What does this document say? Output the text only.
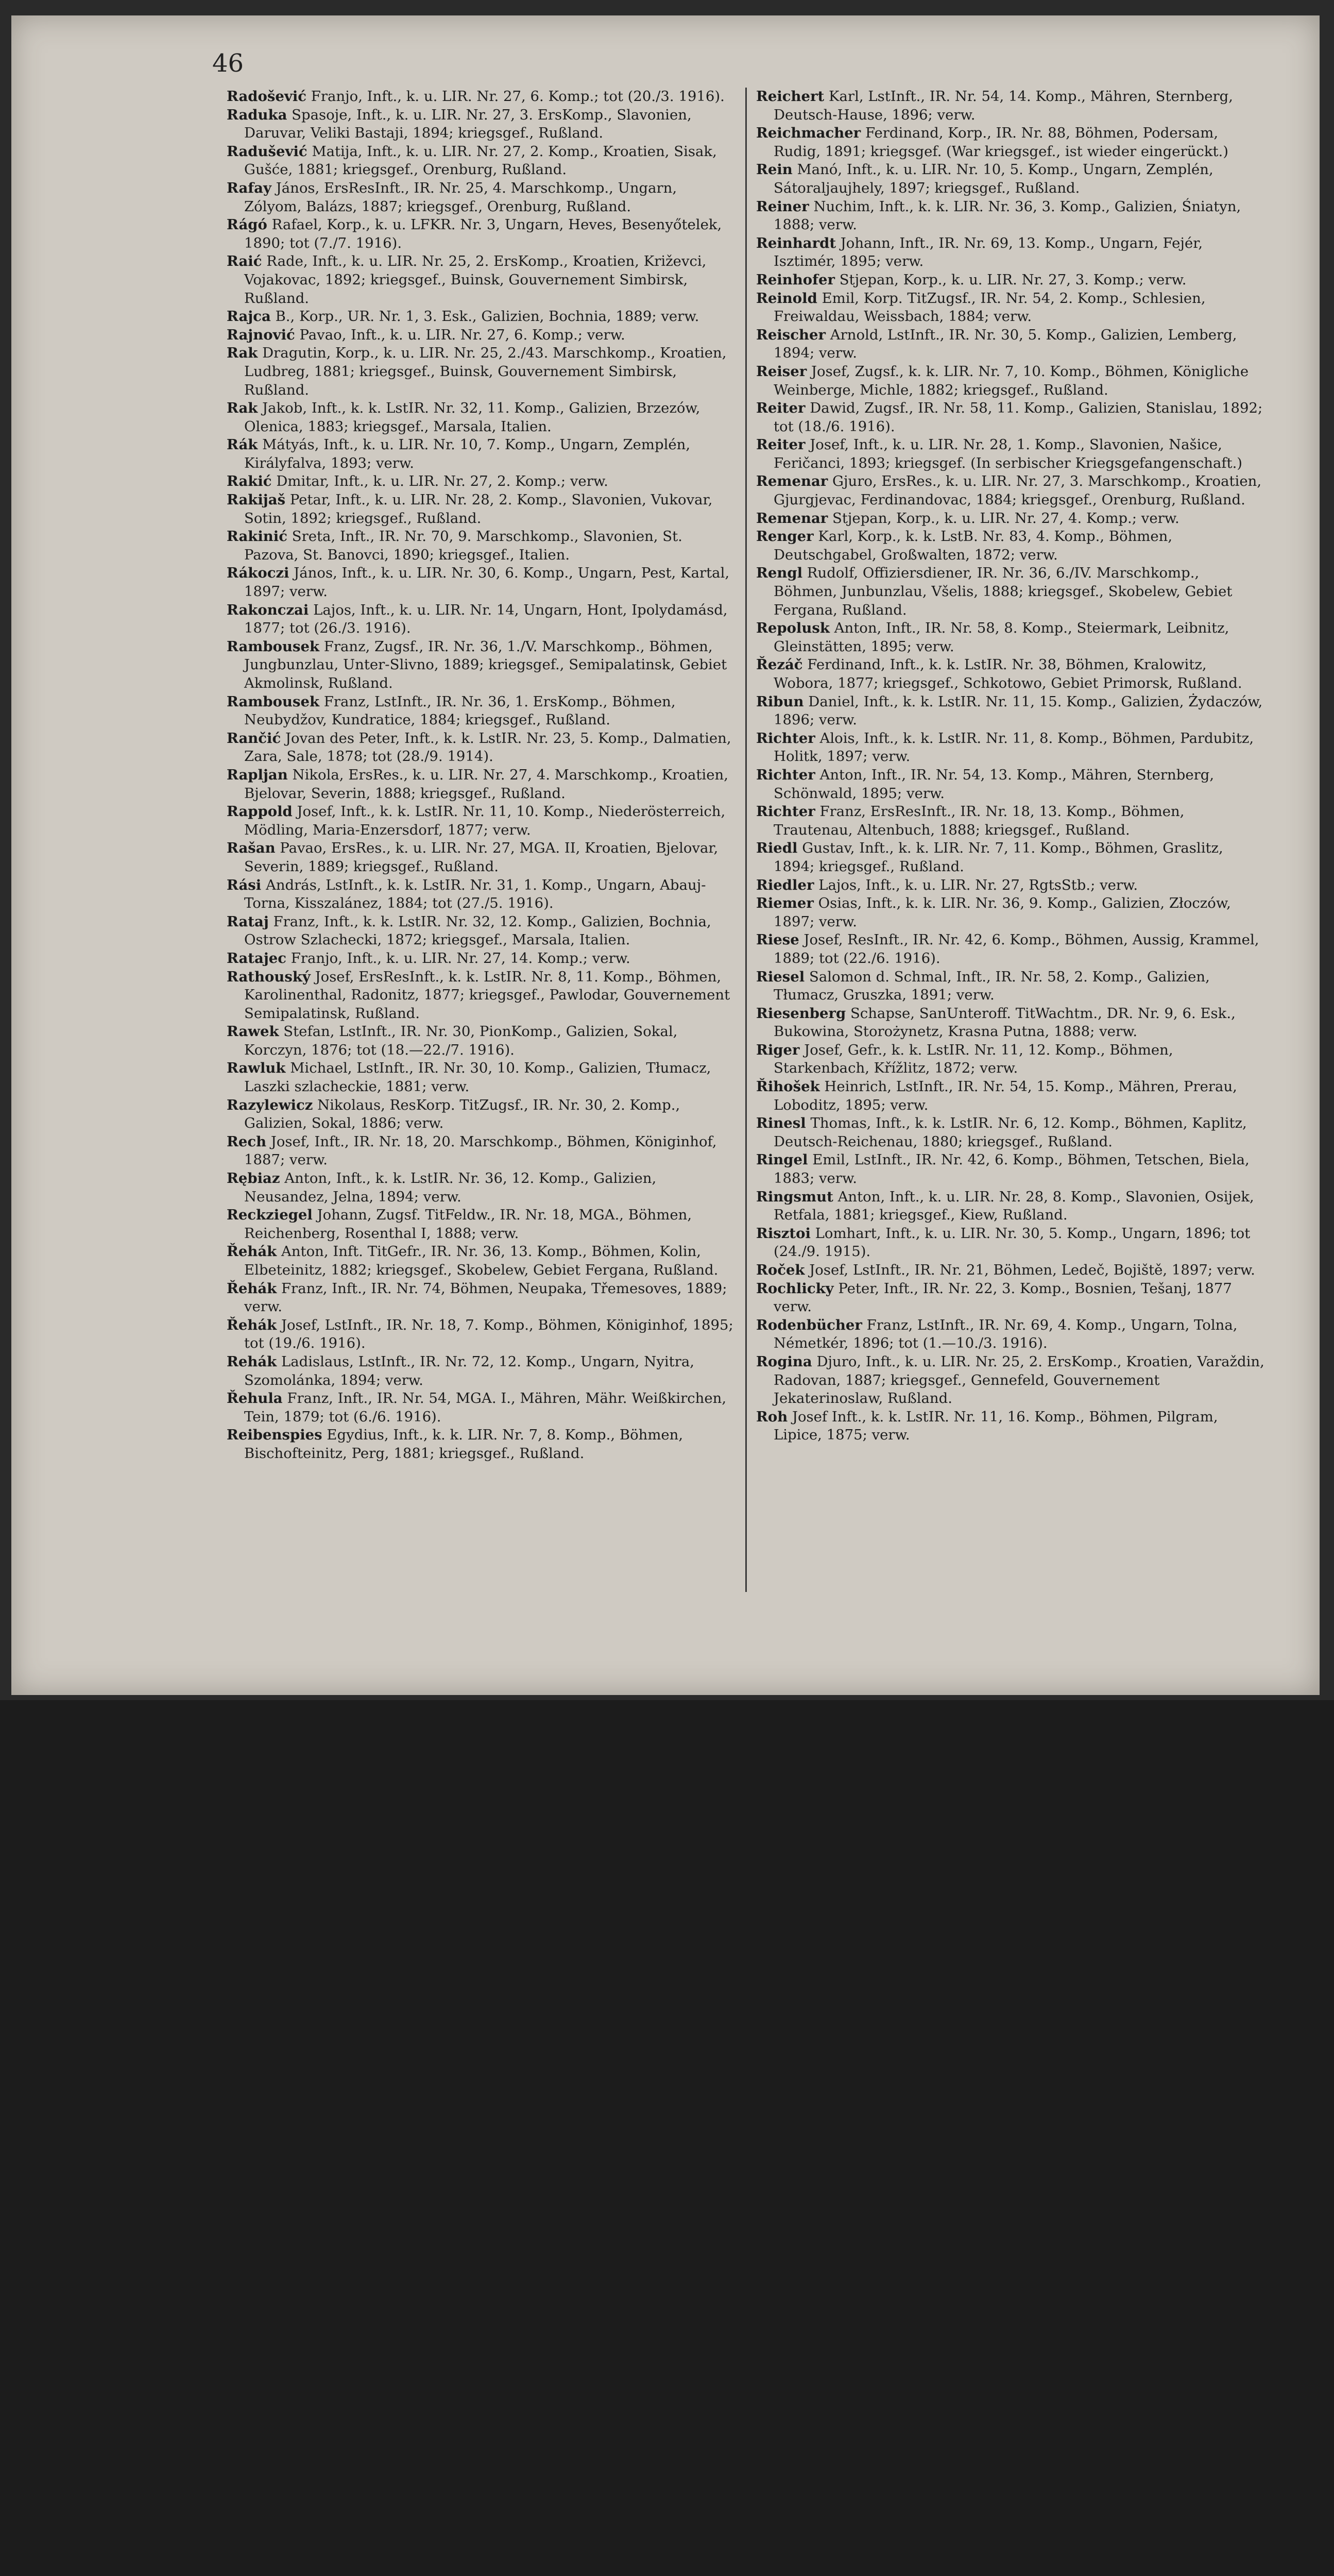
46
Radošević Franjo, Inft., k. u. LIR. Nr. 27, 6. Komp.; tot (20./3. 1916).
Raduka Spasoje, Inft., k. u. LIR. Nr. 27, 3. ErsKomp., Slavonien, Daruvar, Veliki Bastaji, 1894; kriegsgef., Rußland.
Radušević Matija, Inft., k. u. LIR. Nr. 27, 2. Komp., Kroatien, Sisak, Gušće, 1881; kriegsgef., Orenburg, Rußland.
Rafay János, ErsResInft., IR. Nr. 25, 4. Marschkomp., Ungarn, Zólyom, Balázs, 1887; kriegsgef., Orenburg, Rußland.
Rágó Rafael, Korp., k. u. LFKR. Nr. 3, Ungarn, Heves, Besenyőtelek, 1890; tot (7./7. 1916).
Raić Rade, Inft., k. u. LIR. Nr. 25, 2. ErsKomp., Kroatien, Križevci, Vojakovac, 1892; kriegsgef., Buinsk, Gouvernement Simbirsk, Rußland.
Rajca B., Korp., UR. Nr. 1, 3. Esk., Galizien, Bochnia, 1889; verw.
Rajnović Pavao, Inft., k. u. LIR. Nr. 27, 6. Komp.; verw.
Rak Dragutin, Korp., k. u. LIR. Nr. 25, 2./43. Marschkomp., Kroatien, Ludbreg, 1881; kriegsgef., Buinsk, Gouvernement Simbirsk, Rußland.
Rak Jakob, Inft., k. k. LstIR. Nr. 32, 11. Komp., Galizien, Brzezów, Olenica, 1883; kriegsgef., Marsala, Italien.
Rák Mátyás, Inft., k. u. LIR. Nr. 10, 7. Komp., Ungarn, Zemplén, Királyfalva, 1893; verw.
Rakić Dmitar, Inft., k. u. LIR. Nr. 27, 2. Komp.; verw.
Rakijaš Petar, Inft., k. u. LIR. Nr. 28, 2. Komp., Slavonien, Vukovar, Sotin, 1892; kriegsgef., Rußland.
Rakinić Sreta, Inft., IR. Nr. 70, 9. Marschkomp., Slavonien, St. Pazova, St. Banovci, 1890; kriegsgef., Italien.
Rákoczi János, Inft., k. u. LIR. Nr. 30, 6. Komp., Ungarn, Pest, Kartal, 1897; verw.
Rakonczai Lajos, Inft., k. u. LIR. Nr. 14, Ungarn, Hont, Ipolydamásd, 1877; tot (26./3. 1916).
Rambousek Franz, Zugsf., IR. Nr. 36, 1./V. Marschkomp., Böhmen, Jungbunzlau, Unter-Slivno, 1889; kriegsgef., Semipalatinsk, Gebiet Akmolinsk, Rußland.
Rambousek Franz, LstInft., IR. Nr. 36, 1. ErsKomp., Böhmen, Neubydžov, Kundratice, 1884; kriegsgef., Rußland.
Rančić Jovan des Peter, Inft., k. k. LstIR. Nr. 23, 5. Komp., Dalmatien, Zara, Sale, 1878; tot (28./9. 1914).
Rapljan Nikola, ErsRes., k. u. LIR. Nr. 27, 4. Marschkomp., Kroatien, Bjelovar, Severin, 1888; kriegsgef., Rußland.
Rappold Josef, Inft., k. k. LstIR. Nr. 11, 10. Komp., Niederösterreich, Mödling, Maria-Enzersdorf, 1877; verw.
Rašan Pavao, ErsRes., k. u. LIR. Nr. 27, MGA. II, Kroatien, Bjelovar, Severin, 1889; kriegsgef., Rußland.
Rási András, LstInft., k. k. LstIR. Nr. 31, 1. Komp., Ungarn, Abauj-Torna, Kisszalánez, 1884; tot (27./5. 1916).
Rataj Franz, Inft., k. k. LstIR. Nr. 32, 12. Komp., Galizien, Bochnia, Ostrow Szlachecki, 1872; kriegsgef., Marsala, Italien.
Ratajec Franjo, Inft., k. u. LIR. Nr. 27, 14. Komp.; verw.
Rathouský Josef, ErsResInft., k. k. LstIR. Nr. 8, 11. Komp., Böhmen, Karolinenthal, Radonitz, 1877; kriegsgef., Pawlodar, Gouvernement Semipalatinsk, Rußland.
Rawek Stefan, LstInft., IR. Nr. 30, PionKomp., Galizien, Sokal, Korczyn, 1876; tot (18.—22./7. 1916).
Rawluk Michael, LstInft., IR. Nr. 30, 10. Komp., Galizien, Tłumacz, Laszki szlacheckie, 1881; verw.
Razylewicz Nikolaus, ResKorp. TitZugsf., IR. Nr. 30, 2. Komp., Galizien, Sokal, 1886; verw.
Rech Josef, Inft., IR. Nr. 18, 20. Marschkomp., Böhmen, Königinhof, 1887; verw.
Rębiaz Anton, Inft., k. k. LstIR. Nr. 36, 12. Komp., Galizien, Neusandez, Jelna, 1894; verw.
Reckziegel Johann, Zugsf. TitFeldw., IR. Nr. 18, MGA., Böhmen, Reichenberg, Rosenthal I, 1888; verw.
Řehák Anton, Inft. TitGefr., IR. Nr. 36, 13. Komp., Böhmen, Kolin, Elbeteinitz, 1882; kriegsgef., Skobelew, Gebiet Fergana, Rußland.
Řehák Franz, Inft., IR. Nr. 74, Böhmen, Neupaka, Třemesoves, 1889; verw.
Řehák Josef, LstInft., IR. Nr. 18, 7. Komp., Böhmen, Königinhof, 1895; tot (19./6. 1916).
Rehák Ladislaus, LstInft., IR. Nr. 72, 12. Komp., Ungarn, Nyitra, Szomolánka, 1894; verw.
Řehula Franz, Inft., IR. Nr. 54, MGA. I., Mähren, Mähr. Weißkirchen, Tein, 1879; tot (6./6. 1916).
Reibenspies Egydius, Inft., k. k. LIR. Nr. 7, 8. Komp., Böhmen, Bischofteinitz, Perg, 1881; kriegsgef., Rußland.
Reichert Karl, LstInft., IR. Nr. 54, 14. Komp., Mähren, Sternberg, Deutsch-Hause, 1896; verw.
Reichmacher Ferdinand, Korp., IR. Nr. 88, Böhmen, Podersam, Rudig, 1891; kriegsgef. (War kriegsgef., ist wieder eingerückt.)
Rein Manó, Inft., k. u. LIR. Nr. 10, 5. Komp., Ungarn, Zemplén, Sátoraljaujhely, 1897; kriegsgef., Rußland.
Reiner Nuchim, Inft., k. k. LIR. Nr. 36, 3. Komp., Galizien, Śniatyn, 1888; verw.
Reinhardt Johann, Inft., IR. Nr. 69, 13. Komp., Ungarn, Fejér, Isztimér, 1895; verw.
Reinhofer Stjepan, Korp., k. u. LIR. Nr. 27, 3. Komp.; verw.
Reinold Emil, Korp. TitZugsf., IR. Nr. 54, 2. Komp., Schlesien, Freiwaldau, Weissbach, 1884; verw.
Reischer Arnold, LstInft., IR. Nr. 30, 5. Komp., Galizien, Lemberg, 1894; verw.
Reiser Josef, Zugsf., k. k. LIR. Nr. 7, 10. Komp., Böhmen, Königliche Weinberge, Michle, 1882; kriegsgef., Rußland.
Reiter Dawid, Zugsf., IR. Nr. 58, 11. Komp., Galizien, Stanislau, 1892; tot (18./6. 1916).
Reiter Josef, Inft., k. u. LIR. Nr. 28, 1. Komp., Slavonien, Našice, Feričanci, 1893; kriegsgef. (In serbischer Kriegsgefangenschaft.)
Remenar Gjuro, ErsRes., k. u. LIR. Nr. 27, 3. Marschkomp., Kroatien, Gjurgjevac, Ferdinandovac, 1884; kriegsgef., Orenburg, Rußland.
Remenar Stjepan, Korp., k. u. LIR. Nr. 27, 4. Komp.; verw.
Renger Karl, Korp., k. k. LstB. Nr. 83, 4. Komp., Böhmen, Deutschgabel, Großwalten, 1872; verw.
Rengl Rudolf, Offiziersdiener, IR. Nr. 36, 6./IV. Marschkomp., Böhmen, Junbunzlau, Všelis, 1888; kriegsgef., Skobelew, Gebiet Fergana, Rußland.
Repolusk Anton, Inft., IR. Nr. 58, 8. Komp., Steiermark, Leibnitz, Gleinstätten, 1895; verw.
Řezáč Ferdinand, Inft., k. k. LstIR. Nr. 38, Böhmen, Kralowitz, Wobora, 1877; kriegsgef., Schkotowo, Gebiet Primorsk, Rußland.
Ribun Daniel, Inft., k. k. LstIR. Nr. 11, 15. Komp., Galizien, Żydaczów, 1896; verw.
Richter Alois, Inft., k. k. LstIR. Nr. 11, 8. Komp., Böhmen, Pardubitz, Holitk, 1897; verw.
Richter Anton, Inft., IR. Nr. 54, 13. Komp., Mähren, Sternberg, Schönwald, 1895; verw.
Richter Franz, ErsResInft., IR. Nr. 18, 13. Komp., Böhmen, Trautenau, Altenbuch, 1888; kriegsgef., Rußland.
Riedl Gustav, Inft., k. k. LIR. Nr. 7, 11. Komp., Böhmen, Graslitz, 1894; kriegsgef., Rußland.
Riedler Lajos, Inft., k. u. LIR. Nr. 27, RgtsStb.; verw.
Riemer Osias, Inft., k. k. LIR. Nr. 36, 9. Komp., Galizien, Złoczów, 1897; verw.
Riese Josef, ResInft., IR. Nr. 42, 6. Komp., Böhmen, Aussig, Krammel, 1889; tot (22./6. 1916).
Riesel Salomon d. Schmal, Inft., IR. Nr. 58, 2. Komp., Galizien, Tłumacz, Gruszka, 1891; verw.
Riesenberg Schapse, SanUnteroff. TitWachtm., DR. Nr. 9, 6. Esk., Bukowina, Storożynetz, Krasna Putna, 1888; verw.
Riger Josef, Gefr., k. k. LstIR. Nr. 11, 12. Komp., Böhmen, Starkenbach, Křížlitz, 1872; verw.
Řihošek Heinrich, LstInft., IR. Nr. 54, 15. Komp., Mähren, Prerau, Loboditz, 1895; verw.
Rinesl Thomas, Inft., k. k. LstIR. Nr. 6, 12. Komp., Böhmen, Kaplitz, Deutsch-Reichenau, 1880; kriegsgef., Rußland.
Ringel Emil, LstInft., IR. Nr. 42, 6. Komp., Böhmen, Tetschen, Biela, 1883; verw.
Ringsmut Anton, Inft., k. u. LIR. Nr. 28, 8. Komp., Slavonien, Osijek, Retfala, 1881; kriegsgef., Kiew, Rußland.
Risztoi Lomhart, Inft., k. u. LIR. Nr. 30, 5. Komp., Ungarn, 1896; tot (24./9. 1915).
Roček Josef, LstInft., IR. Nr. 21, Böhmen, Ledeč, Bojiště, 1897; verw.
Rochlicky Peter, Inft., IR. Nr. 22, 3. Komp., Bosnien, Tešanj, 1877 verw.
Rodenbücher Franz, LstInft., IR. Nr. 69, 4. Komp., Ungarn, Tolna, Németkér, 1896; tot (1.—10./3. 1916).
Rogina Djuro, Inft., k. u. LIR. Nr. 25, 2. ErsKomp., Kroatien, Varaždin, Radovan, 1887; kriegsgef., Gennefeld, Gouvernement Jekaterinoslaw, Rußland.
Roh Josef Inft., k. k. LstIR. Nr. 11, 16. Komp., Böhmen, Pilgram, Lipice, 1875; verw.
